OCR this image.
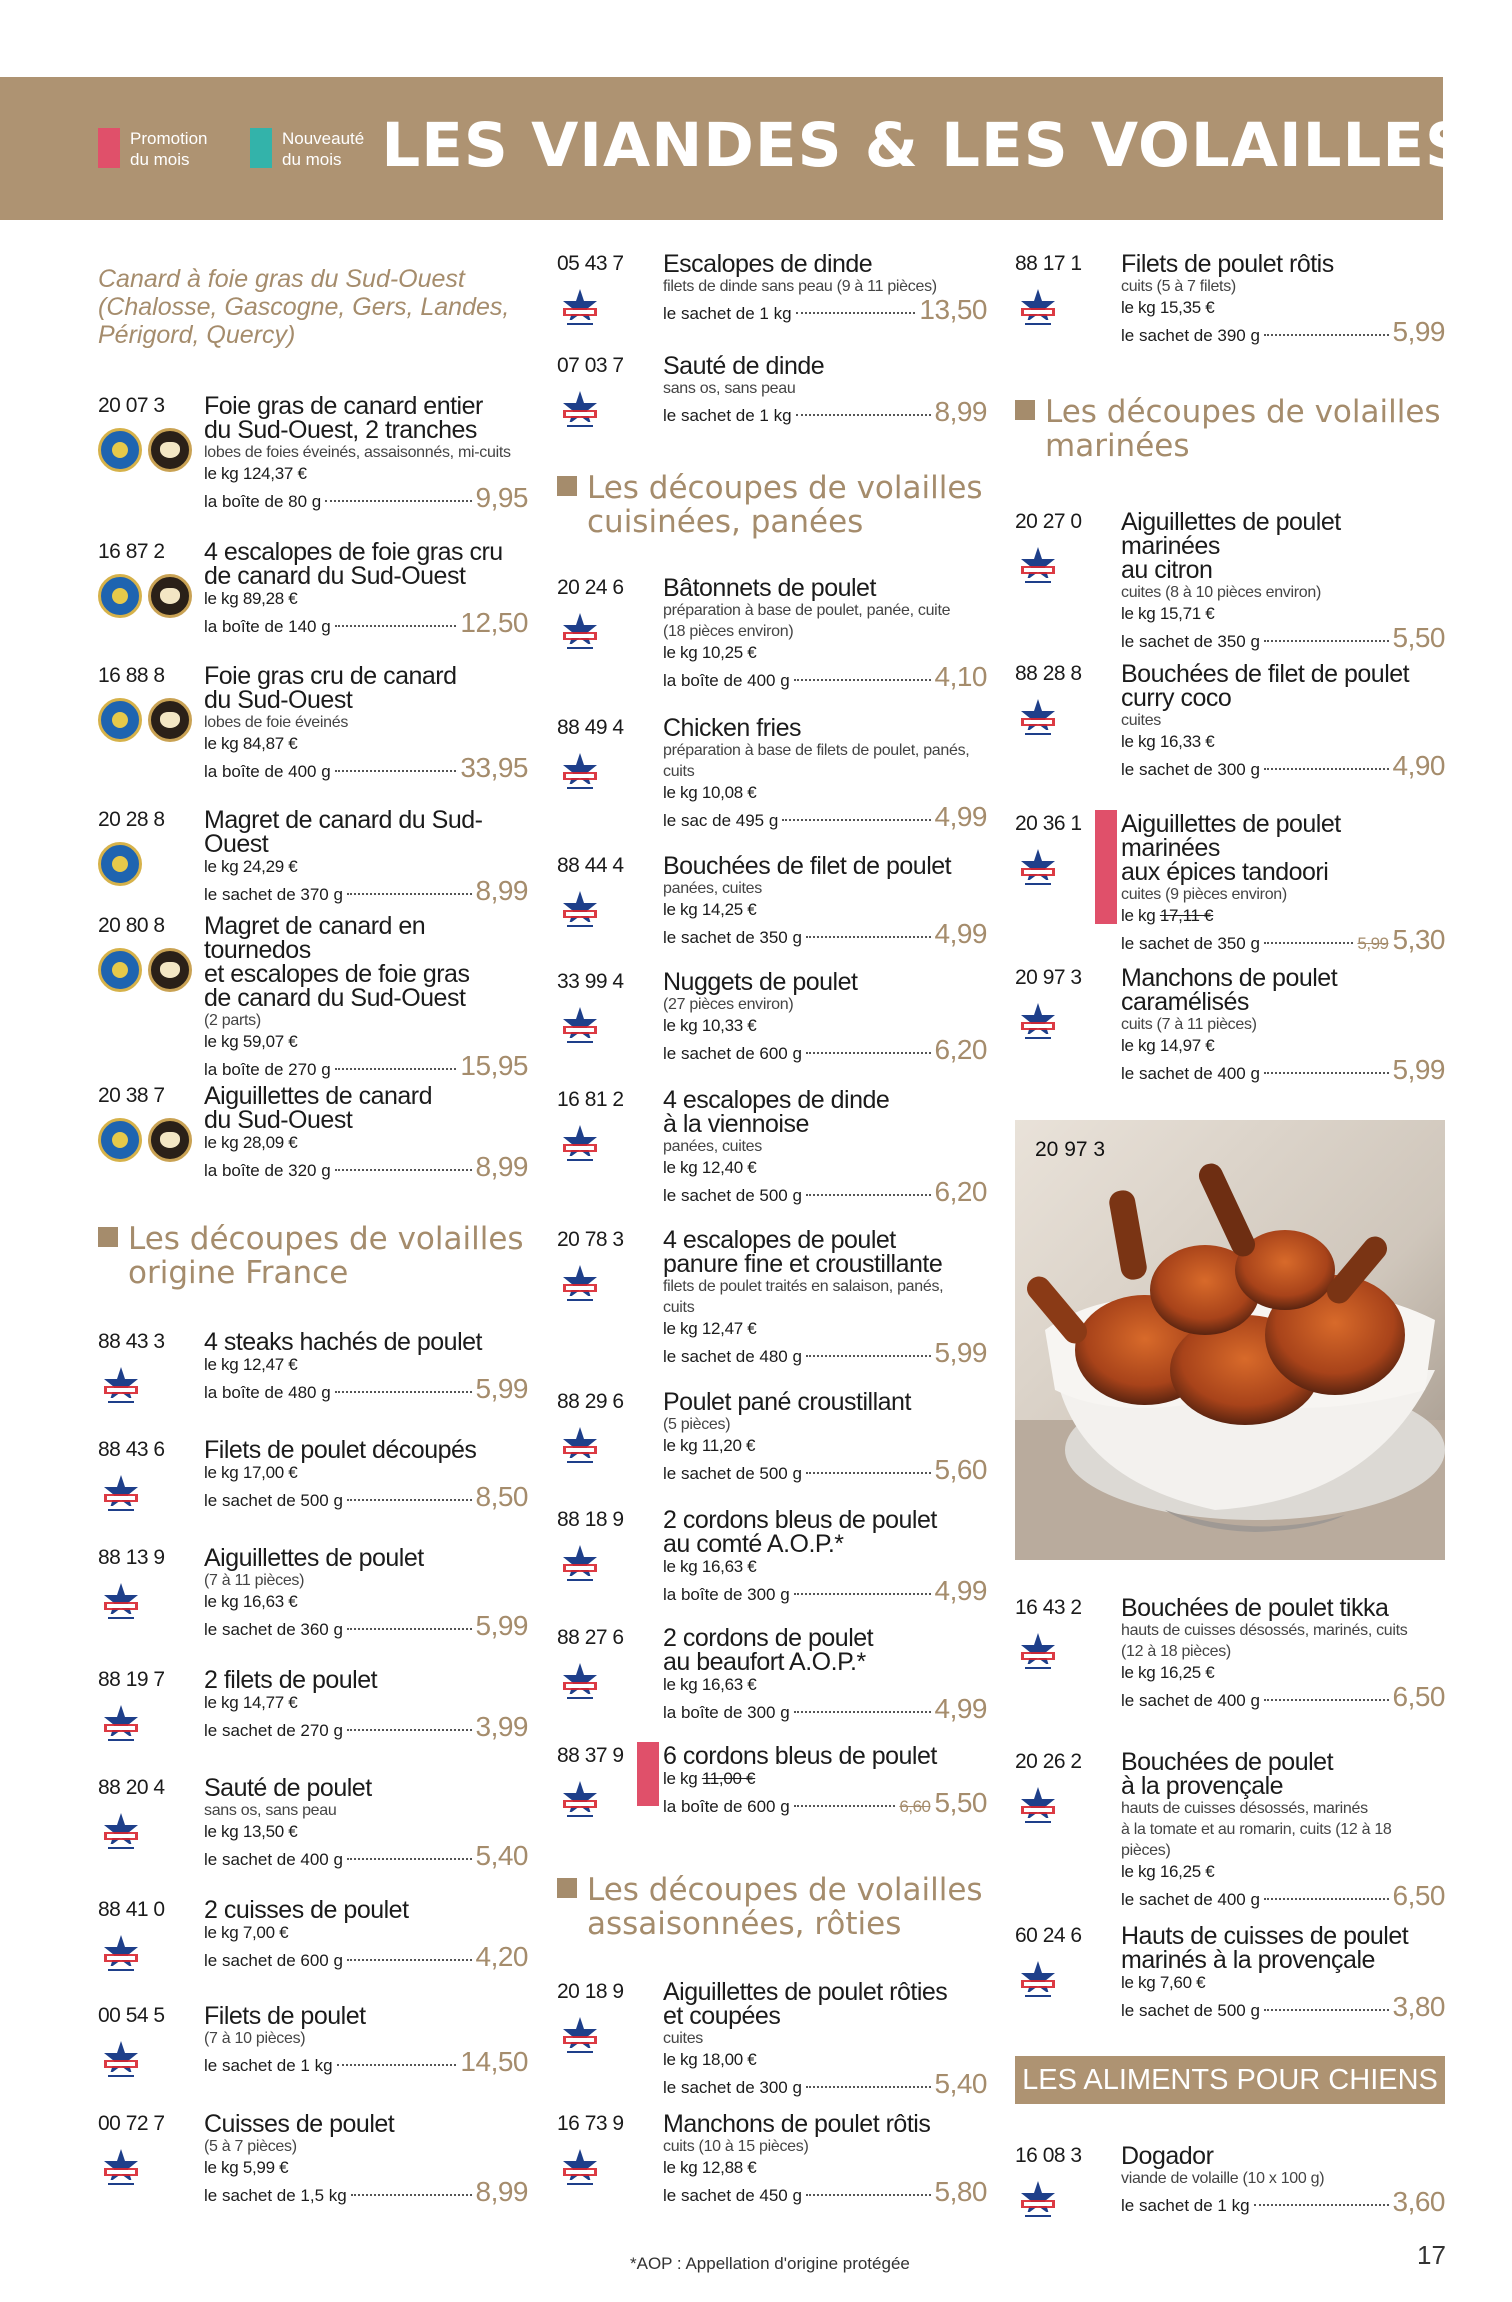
Promotion
du mois
Nouveauté
du mois LES VIANDES & LES VOLAILLES
Canard à foie gras du Sud-Ouest
(Chalosse, Gascogne, Gers, Landes,
Périgord, Quercy)
20 07 3 Foie gras de canard entier
du Sud-Ouest, 2 tranches
lobes de foies éveinés, assaisonnés, mi-cuits
le kg 124,37 €
la boîte de 80 g	9,95
16 87 2 4 escalopes de foie gras cru
de canard du Sud-Ouest
le kg 89,28 €
la boîte de 140 g	12,50
16 88 8 Foie gras cru de canard
du Sud-Ouest
lobes de foie éveinés
le kg 84,87 €
la boîte de 400 g	33,95
20 28 8 Magret de canard du Sud-Ouest
le kg 24,29 €
le sachet de 370 g	8,99
20 80 8 Magret de canard en tournedos
et escalopes de foie gras
de canard du Sud-Ouest
(2 parts)
le kg 59,07 €
la boîte de 270 g	15,95
20 38 7 Aiguillettes de canard
du Sud-Ouest
le kg 28,09 €
la boîte de 320 g	8,99
Les découpes de volailles
origine France
88 43 3 4 steaks hachés de poulet
le kg 12,47 €
la boîte de 480 g	5,99
88 43 6 Filets de poulet découpés
le kg 17,00 €
le sachet de 500 g	8,50
88 13 9 Aiguillettes de poulet
(7 à 11 pièces)
le kg 16,63 €
le sachet de 360 g	5,99
88 19 7 2 filets de poulet
le kg 14,77 €
le sachet de 270 g	3,99
88 20 4 Sauté de poulet
sans os, sans peau
le kg 13,50 €
le sachet de 400 g	5,40
88 41 0 2 cuisses de poulet
le kg 7,00 €
le sachet de 600 g	4,20
00 54 5 Filets de poulet
(7 à 10 pièces)
le sachet de 1 kg	14,50
00 72 7 Cuisses de poulet
(5 à 7 pièces)
le kg 5,99 €
le sachet de 1,5 kg	8,99
05 43 7 Escalopes de dinde
filets de dinde sans peau (9 à 11 pièces)
le sachet de 1 kg	13,50
07 03 7 Sauté de dinde
sans os, sans peau
le sachet de 1 kg	8,99
Les découpes de volailles
cuisinées, panées
20 24 6 Bâtonnets de poulet
préparation à base de poulet, panée, cuite
(18 pièces environ)
le kg 10,25 €
la boîte de 400 g	4,10
88 49 4 Chicken fries
préparation à base de filets de poulet, panés,
cuits
le kg 10,08 €
le sac de 495 g	4,99
88 44 4 Bouchées de filet de poulet
panées, cuites
le kg 14,25 €
le sachet de 350 g	4,99
33 99 4 Nuggets de poulet
(27 pièces environ)
le kg 10,33 €
le sachet de 600 g	6,20
16 81 2 4 escalopes de dinde
à la viennoise
panées, cuites
le kg 12,40 €
le sachet de 500 g	6,20
20 78 3 4 escalopes de poulet
panure fine et croustillante
filets de poulet traités en salaison, panés,
cuits
le kg 12,47 €
le sachet de 480 g	5,99
88 29 6 Poulet pané croustillant
(5 pièces)
le kg 11,20 €
le sachet de 500 g	5,60
88 18 9 2 cordons bleus de poulet
au comté A.O.P.*
le kg 16,63 €
la boîte de 300 g	4,99
88 27 6 2 cordons de poulet
au beaufort A.O.P.*
le kg 16,63 €
la boîte de 300 g	4,99
88 37 9 6 cordons bleus de poulet
le kg 11,00 €
la boîte de 600 g	6,60 5,50
Les découpes de volailles
assaisonnées, rôties
20 18 9 Aiguillettes de poulet rôties
et coupées
cuites
le kg 18,00 €
le sachet de 300 g	5,40
16 73 9 Manchons de poulet rôtis
cuits (10 à 15 pièces)
le kg 12,88 €
le sachet de 450 g	5,80
88 17 1 Filets de poulet rôtis
cuits (5 à 7 filets)
le kg 15,35 €
le sachet de 390 g	5,99
Les découpes de volailles
marinées
20 27 0 Aiguillettes de poulet marinées
au citron
cuites (8 à 10 pièces environ)
le kg 15,71 €
le sachet de 350 g	5,50
88 28 8 Bouchées de filet de poulet
curry coco
cuites
le kg 16,33 €
le sachet de 300 g	4,90
20 36 1 Aiguillettes de poulet marinées
aux épices tandoori
cuites (9 pièces environ)
le kg 17,11 €
le sachet de 350 g	5,99 5,30
20 97 3 Manchons de poulet
caramélisés
cuits (7 à 11 pièces)
le kg 14,97 €
le sachet de 400 g	5,99
16 43 2 Bouchées de poulet tikka
hauts de cuisses désossés, marinés, cuits
(12 à 18 pièces)
le kg 16,25 €
le sachet de 400 g	6,50
20 26 2 Bouchées de poulet
à la provençale
hauts de cuisses désossés, marinés
à la tomate et au romarin, cuits (12 à 18 pièces)
le kg 16,25 €
le sachet de 400 g	6,50
60 24 6 Hauts de cuisses de poulet
marinés à la provençale
le kg 7,60 €
le sachet de 500 g	3,80
16 08 3 Dogador
viande de volaille (10 x 100 g)
le sachet de 1 kg	3,60
20 97 3
LES ALIMENTS POUR CHIENS
*AOP : Appellation d'origine protégée	17
